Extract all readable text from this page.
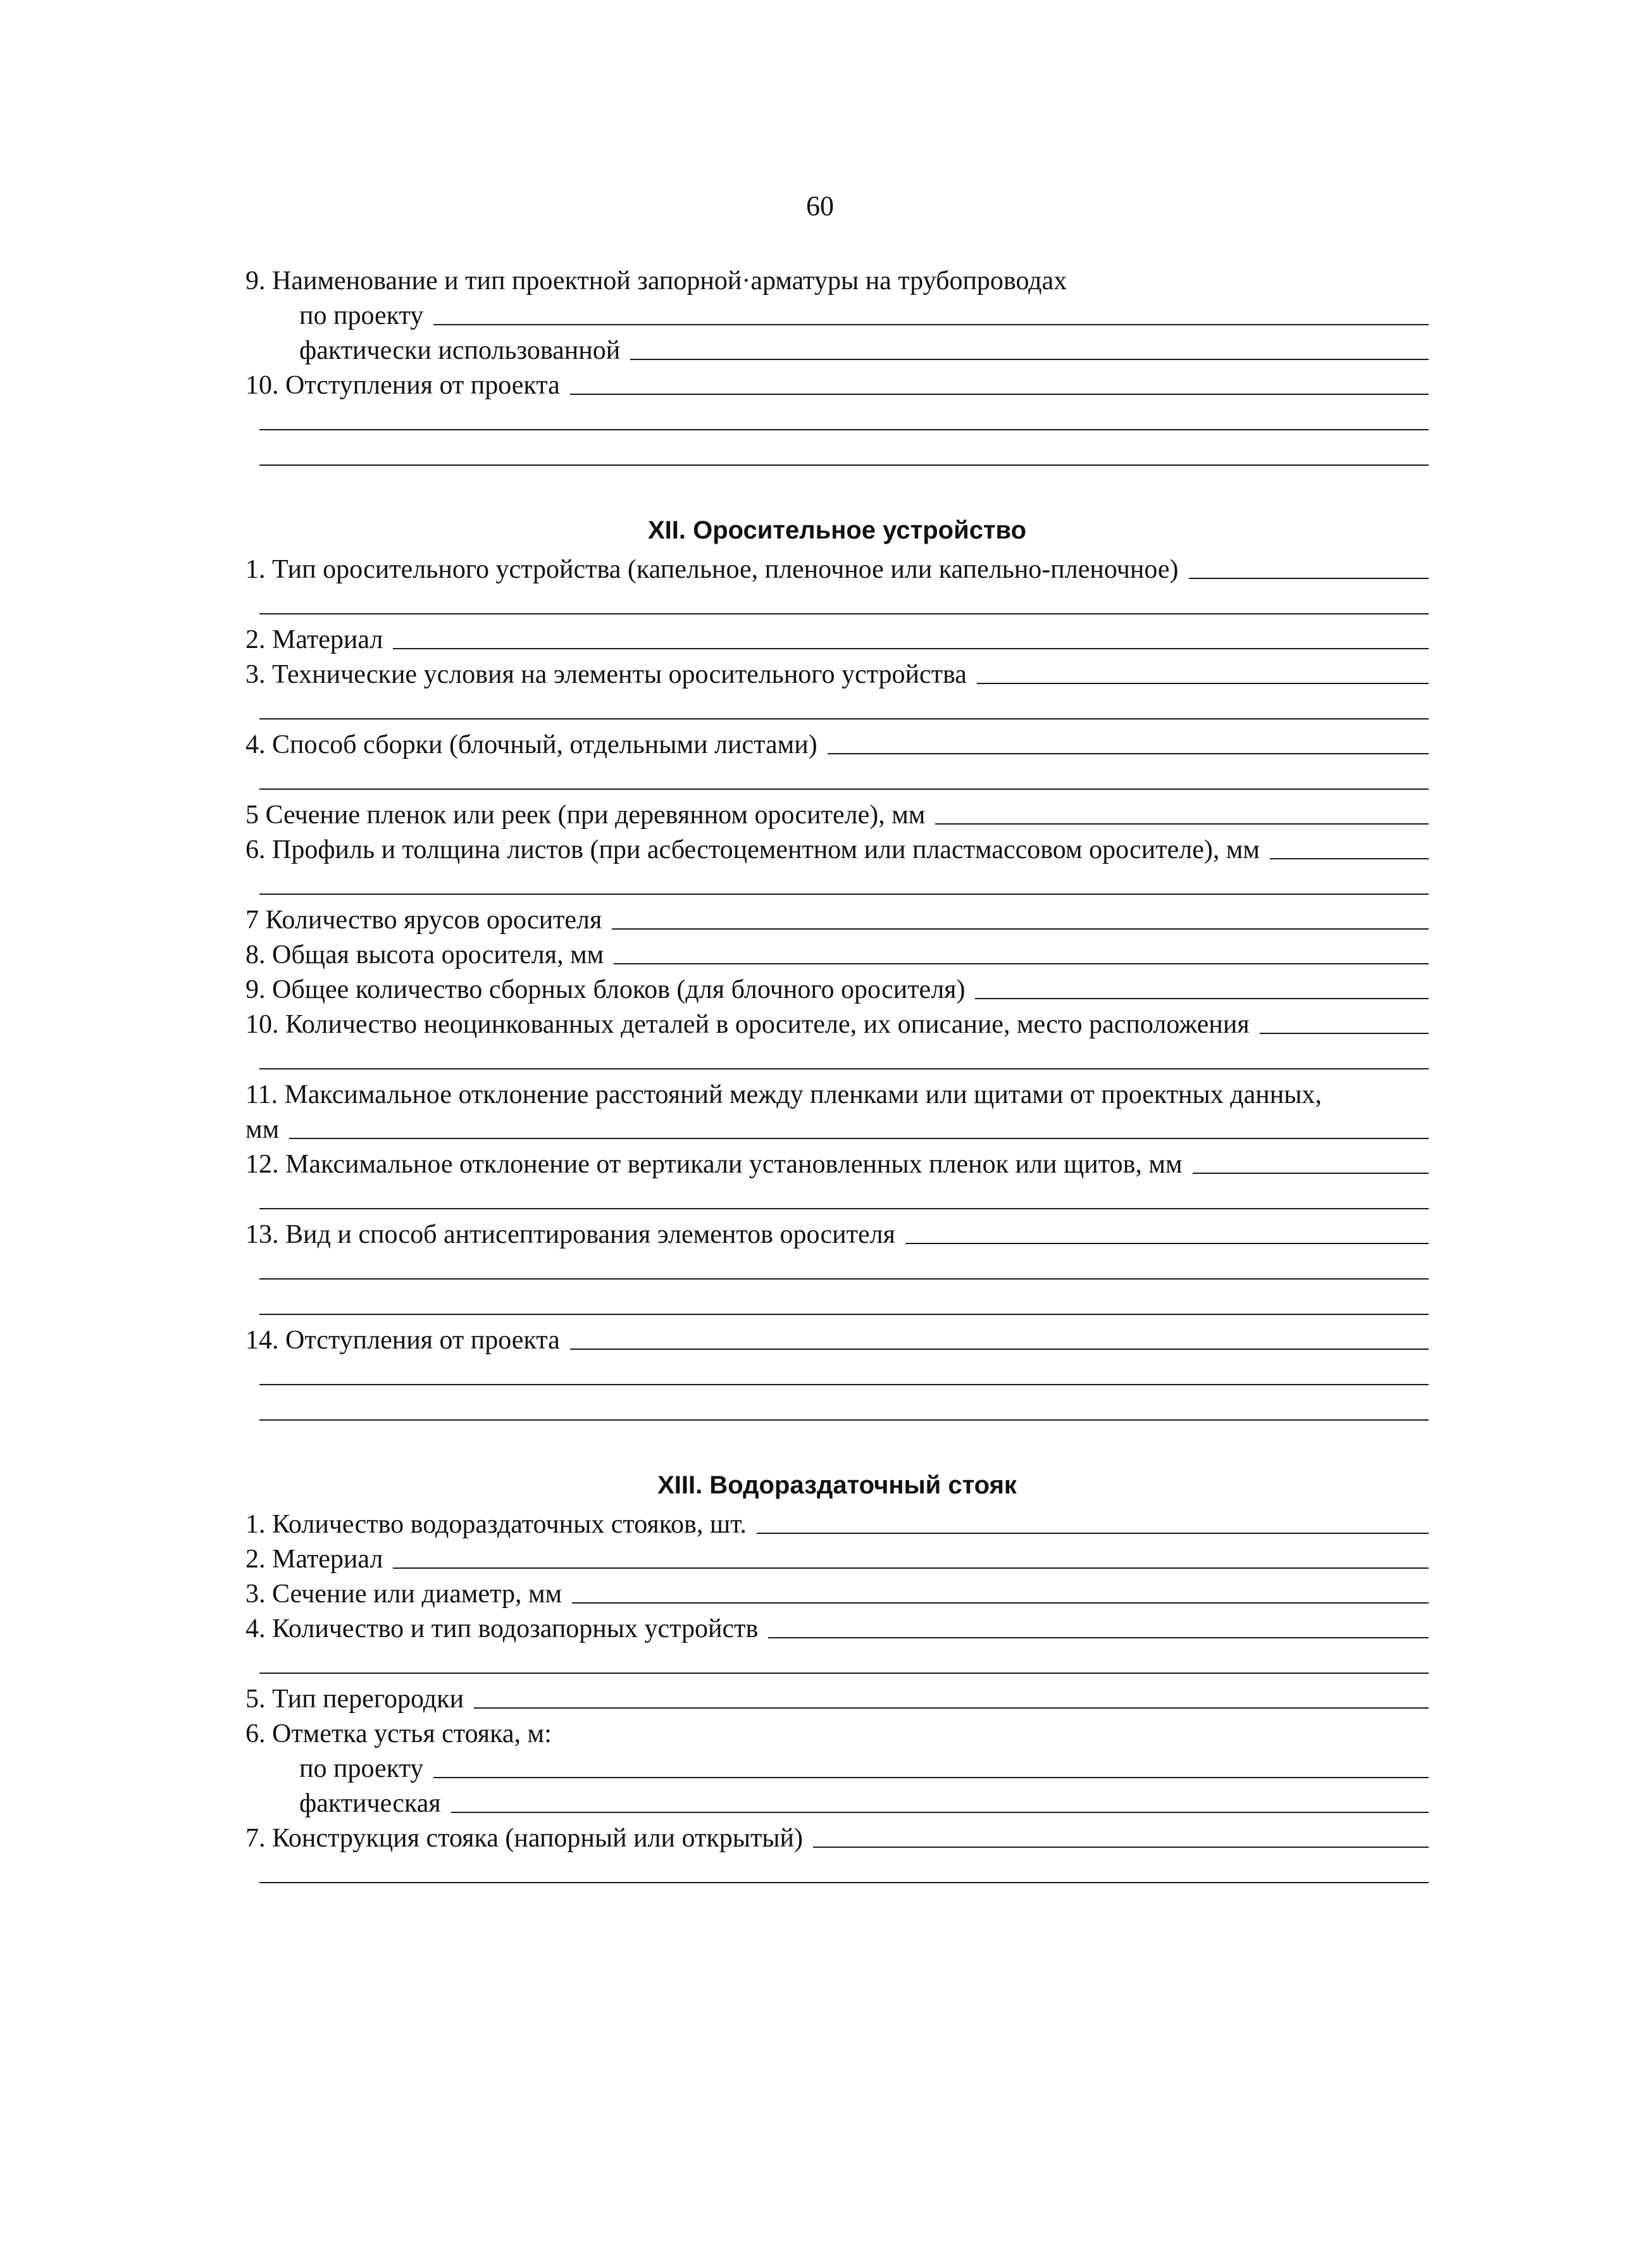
60
9. Наименование и тип проектной запорной·арматуры на трубопроводах
по проекту
фактически использованной
10. Отступления от проекта
XII. Оросительное устройство
1. Тип оросительного устройства (капельное, пленочное или капельно-пленочное)
2. Материал
3. Технические условия на элементы оросительного устройства
4. Способ сборки (блочный, отдельными листами)
5 Сечение пленок или реек (при деревянном оросителе), мм
6. Профиль и толщина листов (при асбестоцементном или пластмассовом оросителе), мм
7 Количество ярусов оросителя
8. Общая высота оросителя, мм
9. Общее количество сборных блоков (для блочного оросителя)
10. Количество неоцинкованных деталей в оросителе, их описание, место расположения
11. Максимальное отклонение расстояний между пленками или щитами от проектных данных,
мм
12. Максимальное отклонение от вертикали установленных пленок или щитов, мм
13. Вид и способ антисептирования элементов оросителя
14. Отступления от проекта
XIII. Водораздаточный стояк
1. Количество водораздаточных стояков, шт.
2. Материал
3. Сечение или диаметр, мм
4. Количество и тип водозапорных устройств
5. Тип перегородки
6. Отметка устья стояка, м:
по проекту
фактическая
7. Конструкция стояка (напорный или открытый)
